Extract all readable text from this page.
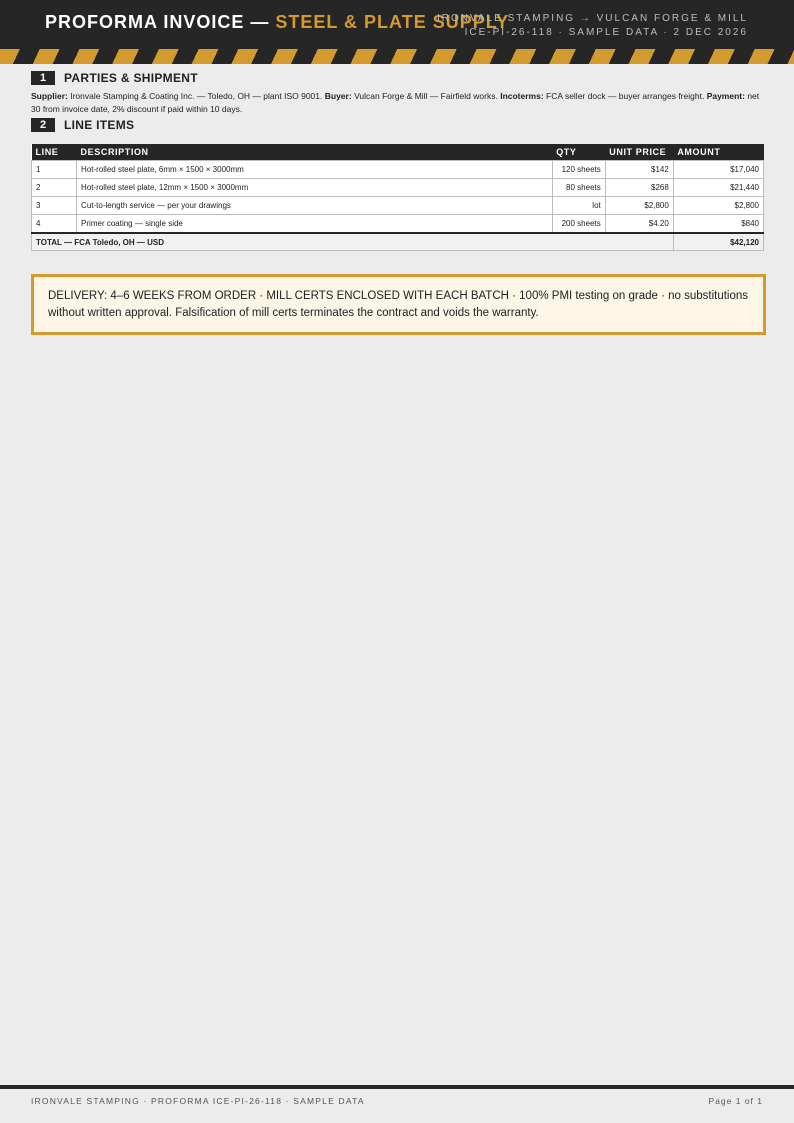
PROFORMA INVOICE — STEEL & PLATE SUPPLY
IRONVALE STAMPING → VULCAN FORGE & MILL
ICE-PI-26-118 · SAMPLE DATA · 2 DEC 2026
1	PARTIES & SHIPMENT
Supplier: Ironvale Stamping & Coating Inc. — Toledo, OH — plant ISO 9001. Buyer: Vulcan Forge & Mill — Fairfield works. Incoterms: FCA seller dock — buyer arranges freight. Payment: net 30 from invoice date, 2% discount if paid within 10 days.
2	LINE ITEMS
LINE	DESCRIPTION	QTY	UNIT PRICE	AMOUNT
1	Hot-rolled steel plate, 6mm × 1500 × 3000mm	120 sheets	$142	$17,040
2	Hot-rolled steel plate, 12mm × 1500 × 3000mm	80 sheets	$268	$21,440
3	Cut-to-length service — per your drawings	lot	$2,800	$2,800
4	Primer coating — single side	200 sheets	$4.20	$840
TOTAL — FCA Toledo, OH — USD				$42,120
DELIVERY: 4–6 WEEKS FROM ORDER · MILL CERTS ENCLOSED WITH EACH BATCH · 100% PMI testing on grade · no substitutions without written approval. Falsification of mill certs terminates the contract and voids the warranty.
IRONVALE STAMPING · PROFORMA ICE-PI-26-118 · SAMPLE DATA	Page 1 of 1
